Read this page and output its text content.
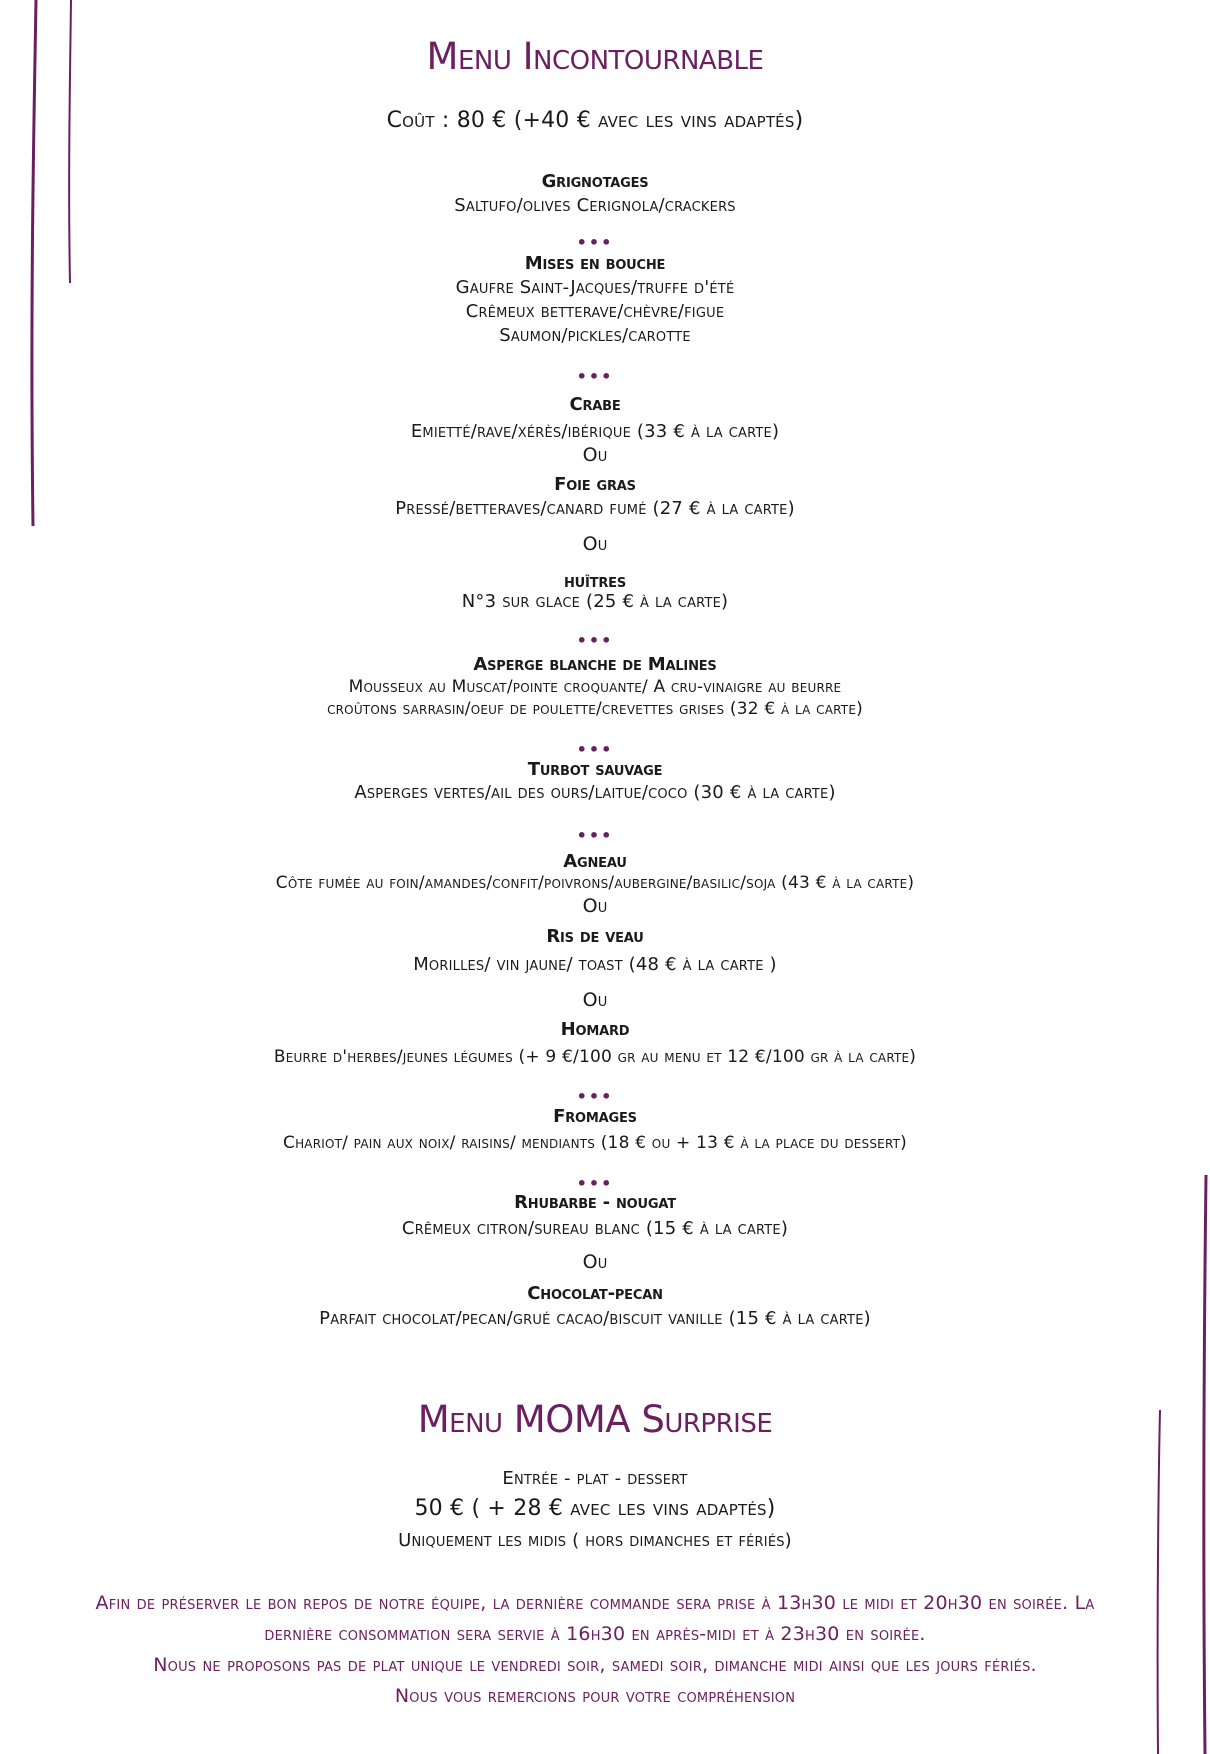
Menu Incontournable

Coût : 80 € (+40 € avec les vins adaptés)

Grignotages

Saltufo/olives Cerignola/crackers

•••

Mises en bouche

Gaufre Saint-Jacques/truffe d'été

Crêmeux betterave/chèvre/figue

Saumon/pickles/carotte

•••

Crabe

Emietté/rave/xérès/ibérique (33 € à la carte)

Ou

Foie gras

Pressé/betteraves/canard fumé (27 € à la carte)

Ou

huîtres

N°3 sur glace (25 € à la carte)

•••

Asperge blanche de Malines

Mousseux au Muscat/pointe croquante/ A cru-vinaigre au beurre

croûtons sarrasin/oeuf de poulette/crevettes grises (32 € à la carte)

•••

Turbot sauvage

Asperges vertes/ail des ours/laitue/coco (30 € à la carte)

•••

Agneau

Côte fumée au foin/amandes/confit/poivrons/aubergine/basilic/soja (43 € à la carte)

Ou

Ris de veau

Morilles/ vin jaune/ toast (48 € à la carte )

Ou

Homard

Beurre d'herbes/jeunes légumes (+ 9 €/100 gr au menu et 12 €/100 gr à la carte)

•••

Fromages

Chariot/ pain aux noix/ raisins/ mendiants (18 € ou + 13 € à la place du dessert)

•••

Rhubarbe - nougat

Crêmeux citron/sureau blanc (15 € à la carte)

Ou

Chocolat-pecan

Parfait chocolat/pecan/grué cacao/biscuit vanille (15 € à la carte)

Menu MOMA Surprise

Entrée - plat - dessert

50 € ( + 28 € avec les vins adaptés)

Uniquement les midis ( hors dimanches et fériés)

Afin de préserver le bon repos de notre équipe, la dernière commande sera prise à 13h30 le midi et 20h30 en soirée. La
dernière consommation sera servie à 16h30 en après-midi et à 23h30 en soirée.
Nous ne proposons pas de plat unique le vendredi soir, samedi soir, dimanche midi ainsi que les jours fériés.
Nous vous remercions pour votre compréhension
